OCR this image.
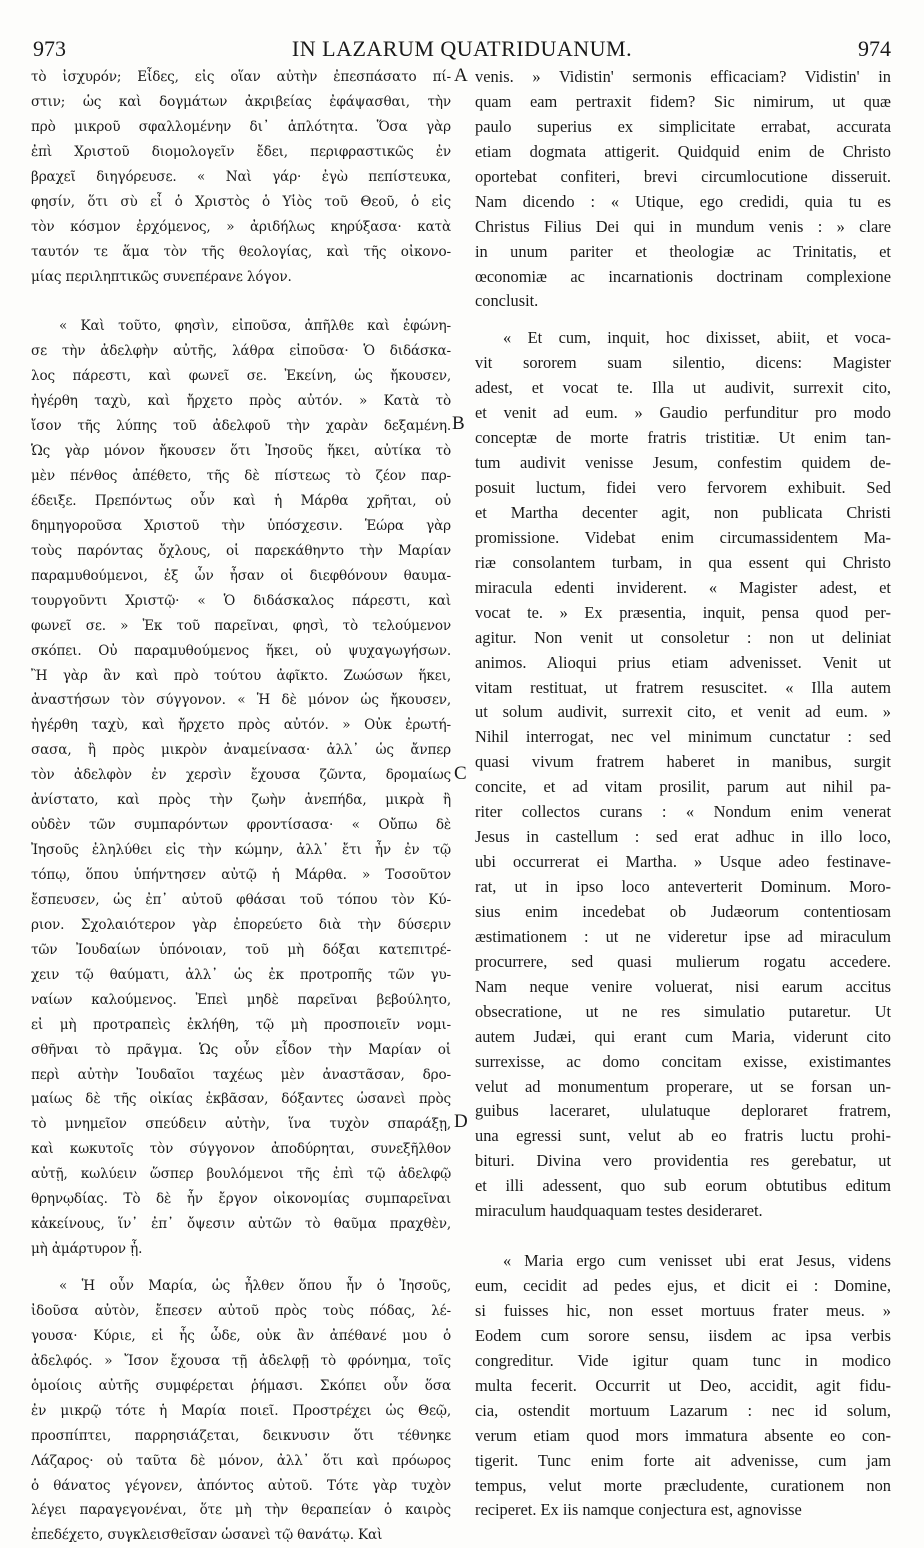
973	IN LAZARUM QUATRIDUANUM.	974
τὸ ἰσχυρόν; Εἶδες, εἰς οἵαν αὐτὴν ἐπεσπάσατο πί-
στιν; ὡς καὶ δογμάτων ἀκριβείας ἐφάψασθαι, τὴν
πρὸ μικροῦ σφαλλομένην δι᾽ ἁπλότητα. Ὅσα γὰρ
ἐπὶ Χριστοῦ διομολογεῖν ἔδει, περιφραστικῶς ἐν
βραχεῖ διηγόρευσε. « Ναὶ γάρ· ἐγὼ πεπίστευκα,
φησίν, ὅτι σὺ εἶ ὁ Χριστὸς ὁ Υἱὸς τοῦ Θεοῦ, ὁ εἰς
τὸν κόσμον ἐρχόμενος, » ἀριδήλως κηρύξασα· κατὰ
ταυτόν τε ἅμα τὸν τῆς θεολογίας, καὶ τῆς οἰκονο-
μίας περιληπτικῶς συνεπέρανε λόγον.
« Καὶ τοῦτο, φησὶν, εἰποῦσα, ἀπῆλθε καὶ ἐφώνη-
σε τὴν ἀδελφὴν αὐτῆς, λάθρα εἰποῦσα· Ὁ διδάσκα-
λος πάρεστι, καὶ φωνεῖ σε. Ἐκείνη, ὡς ἤκουσεν,
ἠγέρθη ταχὺ, καὶ ἤρχετο πρὸς αὐτόν. » Κατὰ τὸ
ἴσον τῆς λύπης τοῦ ἀδελφοῦ τὴν χαρὰν δεξαμένη.
Ὡς γὰρ μόνον ἤκουσεν ὅτι Ἰησοῦς ἥκει, αὐτίκα τὸ
μὲν πένθος ἀπέθετο, τῆς δὲ πίστεως τὸ ζέον παρ-
έδειξε. Πρεπόντως οὖν καὶ ἡ Μάρθα χρῆται, οὐ
δημηγοροῦσα Χριστοῦ τὴν ὑπόσχεσιν. Ἑώρα γὰρ
τοὺς παρόντας ὄχλους, οἱ παρεκάθηντο τὴν Μαρίαν
παραμυθούμενοι, ἐξ ὧν ἦσαν οἱ διεφθόνουν θαυμα-
τουργοῦντι Χριστῷ· « Ὁ διδάσκαλος πάρεστι, καὶ
φωνεῖ σε. » Ἐκ τοῦ παρεῖναι, φησὶ, τὸ τελούμενον
σκόπει. Οὐ παραμυθούμενος ἥκει, οὐ ψυχαγωγήσων.
Ἢ γὰρ ἂν καὶ πρὸ τούτου ἀφῖκτο. Ζωώσων ἥκει,
ἀναστήσων τὸν σύγγονον. « Ἡ δὲ μόνον ὡς ἤκουσεν,
ἠγέρθη ταχὺ, καὶ ἤρχετο πρὸς αὐτόν. » Οὐκ ἐρωτή-
σασα, ἢ πρὸς μικρὸν ἀναμείνασα· ἀλλ᾽ ὡς ἄνπερ
τὸν ἀδελφὸν ἐν χερσὶν ἔχουσα ζῶντα, δρομαίως
ἀνίστατο, καὶ πρὸς τὴν ζωὴν ἀνεπήδα, μικρὰ ἢ
οὐδὲν τῶν συμπαρόντων φροντίσασα· « Οὔπω δὲ
Ἰησοῦς ἐληλύθει εἰς τὴν κώμην, ἀλλ᾽ ἔτι ἦν ἐν τῷ
τόπῳ, ὅπου ὑπήντησεν αὐτῷ ἡ Μάρθα. » Τοσοῦτον
ἔσπευσεν, ὡς ἐπ᾽ αὐτοῦ φθάσαι τοῦ τόπου τὸν Κύ-
ριον. Σχολαιότερον γὰρ ἐπορεύετο διὰ τὴν δύσεριν
τῶν Ἰουδαίων ὑπόνοιαν, τοῦ μὴ δόξαι κατεπιτρέ-
χειν τῷ θαύματι, ἀλλ᾽ ὡς ἐκ προτροπῆς τῶν γυ-
ναίων καλούμενος. Ἐπεὶ μηδὲ παρεῖναι βεβούλητο,
εἰ μὴ προτραπεὶς ἐκλήθη, τῷ μὴ προσποιεῖν νομι-
σθῆναι τὸ πρᾶγμα. Ὡς οὖν εἶδον τὴν Μαρίαν οἱ
περὶ αὐτὴν Ἰουδαῖοι ταχέως μὲν ἀναστᾶσαν, δρο-
μαίως δὲ τῆς οἰκίας ἐκβᾶσαν, δόξαντες ὡσανεὶ πρὸς
τὸ μνημεῖον σπεύδειν αὐτὴν, ἵνα τυχὸν σπαράξῃ,
καὶ κωκυτοῖς τὸν σύγγονον ἀποδύρηται, συνεξῆλθον
αὐτῇ, κωλύειν ὥσπερ βουλόμενοι τῆς ἐπὶ τῷ ἀδελφῷ
θρηνῳδίας. Τὸ δὲ ἦν ἔργον οἰκονομίας συμπαρεῖναι
κἀκείνους, ἵν᾽ ἐπ᾽ ὄψεσιν αὐτῶν τὸ θαῦμα πραχθὲν,
μὴ ἀμάρτυρον ᾖ.
« Ἡ οὖν Μαρία, ὡς ἦλθεν ὅπου ἦν ὁ Ἰησοῦς,
ἰδοῦσα αὐτὸν, ἔπεσεν αὐτοῦ πρὸς τοὺς πόδας, λέ-
γουσα· Κύριε, εἰ ἧς ὧδε, οὐκ ἂν ἀπέθανέ μου ὁ
ἀδελφός. » Ἴσον ἔχουσα τῇ ἀδελφῇ τὸ φρόνημα, τοῖς
ὁμοίοις αὐτῆς συμφέρεται ῥήμασι. Σκόπει οὖν ὅσα
ἐν μικρῷ τότε ἡ Μαρία ποιεῖ. Προστρέχει ὡς Θεῷ,
προσπίπτει, παρρησιάζεται, δεικνυσιν ὅτι τέθνηκε
Λάζαρος· οὐ ταῦτα δὲ μόνον, ἀλλ᾽ ὅτι καὶ πρόωρος
ὁ θάνατος γέγονεν, ἀπόντος αὐτοῦ. Τότε γὰρ τυχὸν
λέγει παραγεγονέναι, ὅτε μὴ τὴν θεραπείαν ὁ καιρὸς
ἐπεδέχετο, συγκλεισθεῖσαν ὡσανεὶ τῷ θανάτῳ. Καὶ
venis. » Vidistin' sermonis efficaciam? Vidistin' in
quam eam pertraxit fidem? Sic nimirum, ut quæ
paulo superius ex simplicitate errabat, accurata
etiam dogmata attigerit. Quidquid enim de Christo
oportebat confiteri, brevi circumlocutione disseruit.
Nam dicendo : « Utique, ego credidi, quia tu es
Christus Filius Dei qui in mundum venis : » clare
in unum pariter et theologiæ ac Trinitatis, et
œconomiæ ac incarnationis doctrinam complexione
conclusit.
« Et cum, inquit, hoc dixisset, abiit, et voca-
vit sororem suam silentio, dicens: Magister
adest, et vocat te. Illa ut audivit, surrexit cito,
et venit ad eum. » Gaudio perfunditur pro modo
conceptæ de morte fratris tristitiæ. Ut enim tan-
tum audivit venisse Jesum, confestim quidem de-
posuit luctum, fidei vero fervorem exhibuit. Sed
et Martha decenter agit, non publicata Christi
promissione. Videbat enim circumassidentem Ma-
riæ consolantem turbam, in qua essent qui Christo
miracula edenti inviderent. « Magister adest, et
vocat te. » Ex præsentia, inquit, pensa quod per-
agitur. Non venit ut consoletur : non ut deliniat
animos. Alioqui prius etiam advenisset. Venit ut
vitam restituat, ut fratrem resuscitet. « Illa autem
ut solum audivit, surrexit cito, et venit ad eum. »
Nihil interrogat, nec vel minimum cunctatur : sed
quasi vivum fratrem haberet in manibus, surgit
concite, et ad vitam prosilit, parum aut nihil pa-
riter collectos curans : « Nondum enim venerat
Jesus in castellum : sed erat adhuc in illo loco,
ubi occurrerat ei Martha. » Usque adeo festinave-
rat, ut in ipso loco anteverterit Dominum. Moro-
sius enim incedebat ob Judæorum contentiosam
æstimationem : ut ne videretur ipse ad miraculum
procurrere, sed quasi mulierum rogatu accedere.
Nam neque venire voluerat, nisi earum accitus
obsecratione, ut ne res simulatio putaretur. Ut
autem Judæi, qui erant cum Maria, viderunt cito
surrexisse, ac domo concitam exisse, existimantes
velut ad monumentum properare, ut se forsan un-
guibus laceraret, ululatuque deploraret fratrem,
una egressi sunt, velut ab eo fratris luctu prohi-
bituri. Divina vero providentia res gerebatur, ut
et illi adessent, quo sub eorum obtutibus editum
miraculum haudquaquam testes desideraret.
« Maria ergo cum venisset ubi erat Jesus, videns
eum, cecidit ad pedes ejus, et dicit ei : Domine,
si fuisses hic, non esset mortuus frater meus. »
Eodem cum sorore sensu, iisdem ac ipsa verbis
congreditur. Vide igitur quam tunc in modico
multa fecerit. Occurrit ut Deo, accidit, agit fidu-
cia, ostendit mortuum Lazarum : nec id solum,
verum etiam quod mors immatura absente eo con-
tigerit. Tunc enim forte ait advenisse, cum jam
tempus, velut morte præcludente, curationem non
reciperet. Ex iis namque conjectura est, agnovisse
A
B
C
D
